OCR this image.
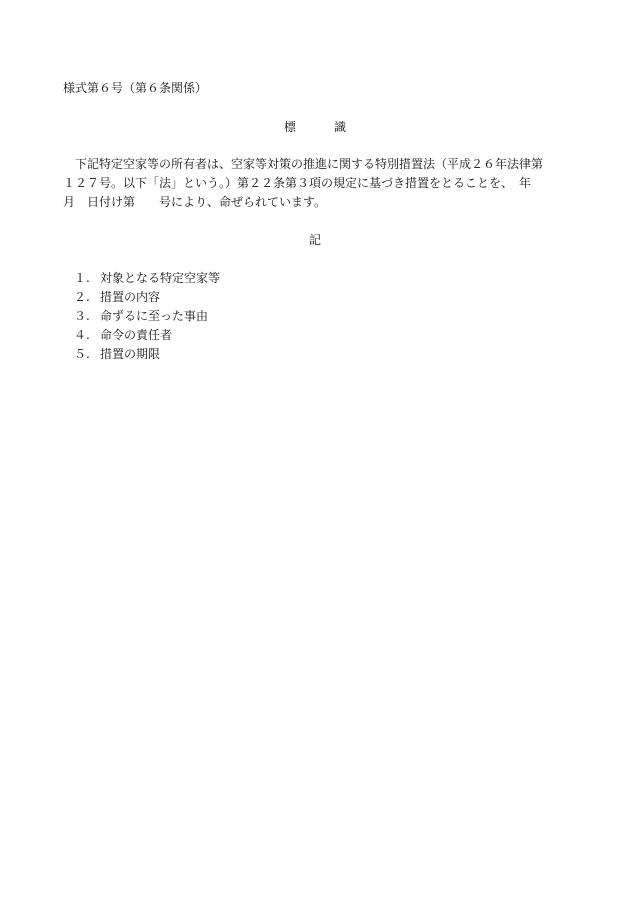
様式第６号（第６条関係）
標	識
　下記特定空家等の所有者は、空家等対策の推進に関する特別措置法（平成２６年法律第
１２７号。以下「法」という。）第２２条第３項の規定に基づき措置をとることを、　年
月　日付け第　　号により、命ぜられています。
記
１. 対象となる特定空家等
２. 措置の内容
３. 命ずるに至った事由
４. 命令の責任者
５. 措置の期限
